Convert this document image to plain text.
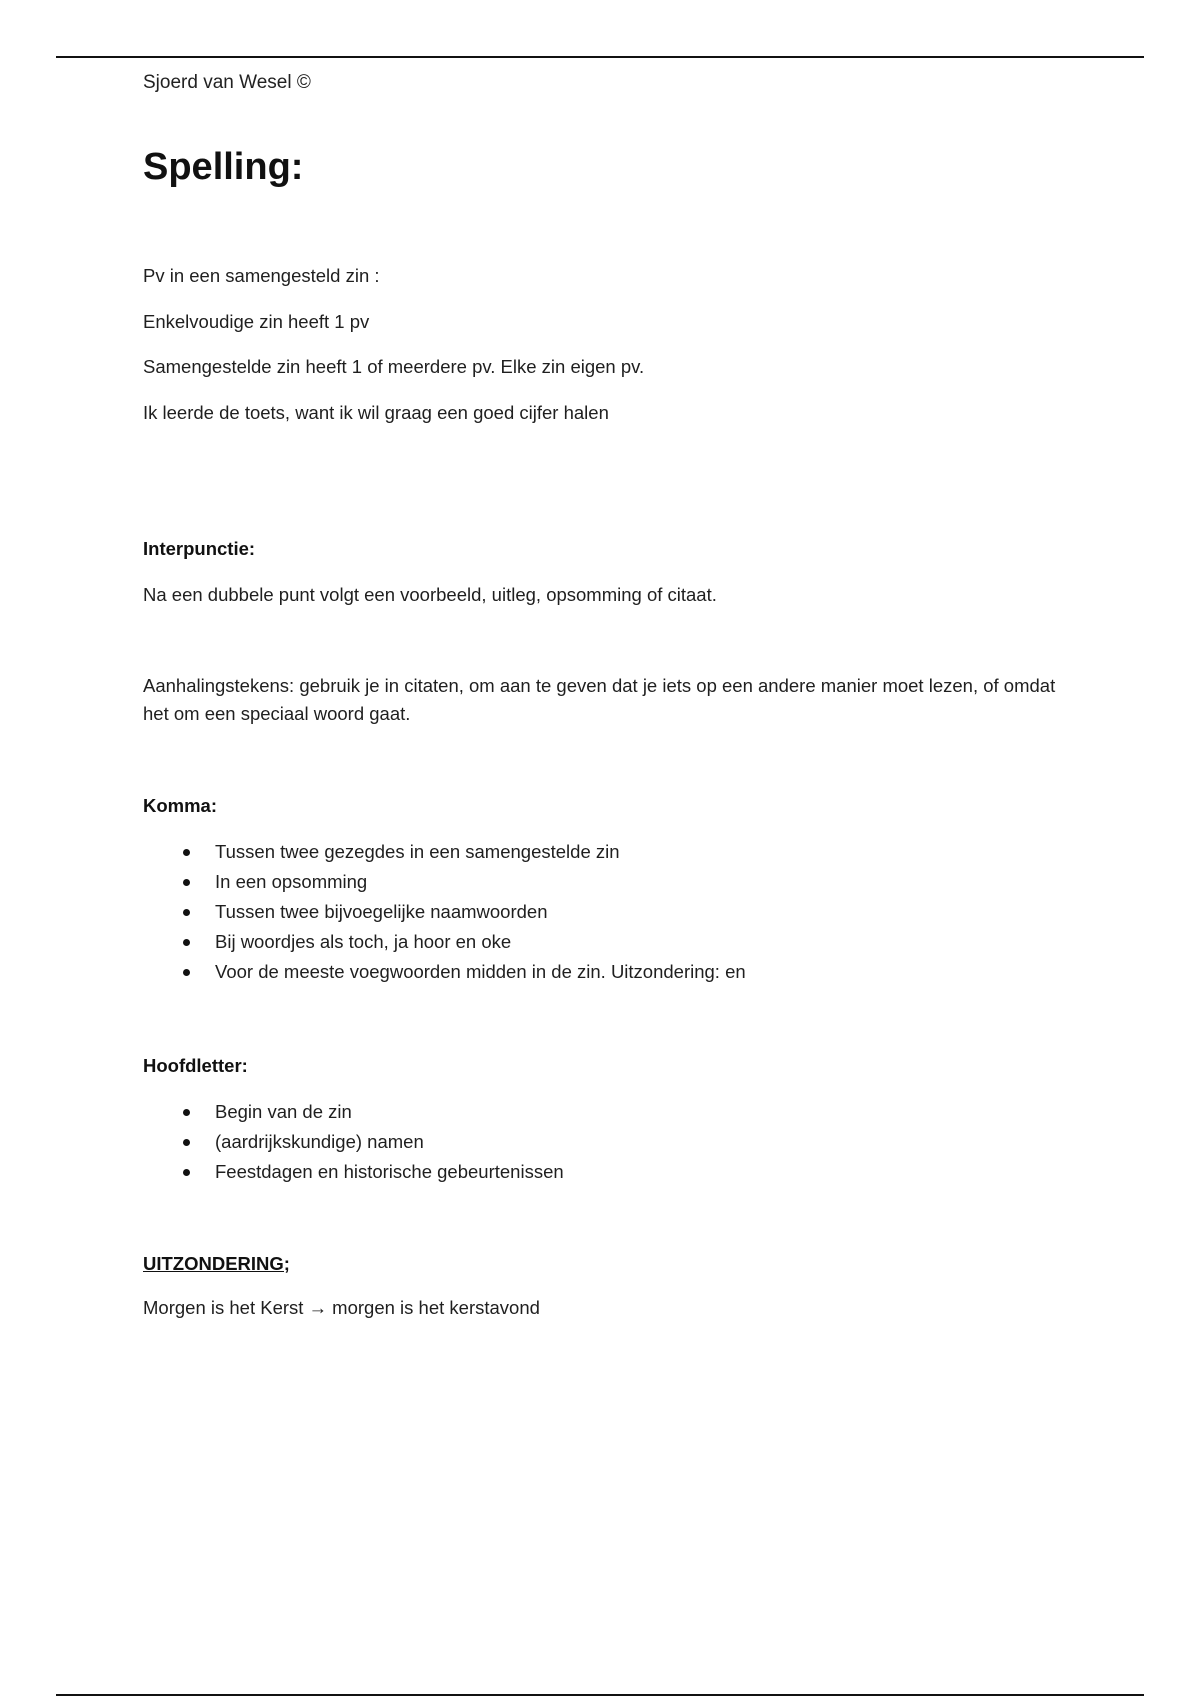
Sjoerd van Wesel ©
Spelling:

Pv in een samengesteld zin :

Enkelvoudige zin heeft 1 pv

Samengestelde zin heeft 1 of meerdere pv. Elke zin eigen pv.

Ik leerde de toets, want ik wil graag een goed cijfer halen

Interpunctie:

Na een dubbele punt volgt een voorbeeld, uitleg, opsomming of citaat.

Aanhalingstekens: gebruik je in citaten, om aan te geven dat je iets op een andere manier moet lezen, of omdat het om een speciaal woord gaat.

Komma:
Tussen twee gezegdes in een samengestelde zin
In een opsomming
Tussen twee bijvoegelijke naamwoorden
Bij woordjes als toch, ja hoor en oke
Voor de meeste voegwoorden midden in de zin. Uitzondering: en
Hoofdletter:
Begin van de zin
(aardrijkskundige) namen
Feestdagen en historische gebeurtenissen
UITZONDERING;

Morgen is het Kerst → morgen is het kerstavond
